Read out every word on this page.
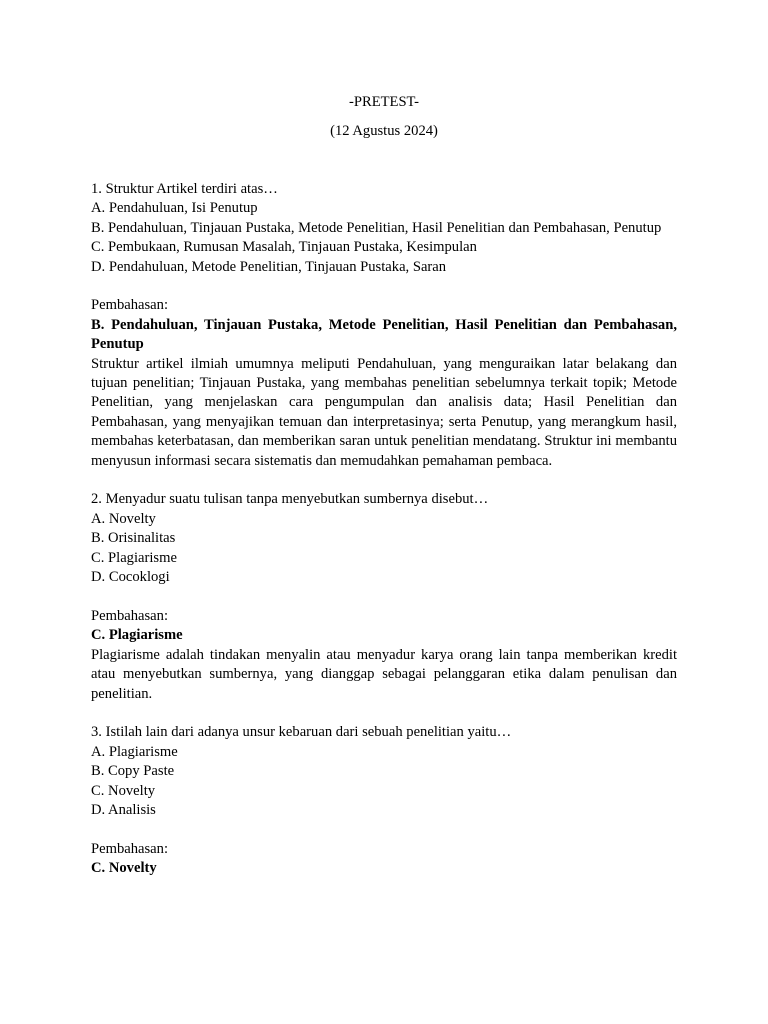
-PRETEST-
(12 Agustus 2024)
1. Struktur Artikel terdiri atas…
A. Pendahuluan, Isi Penutup

B. Pendahuluan, Tinjauan Pustaka, Metode Penelitian, Hasil Penelitian dan Pembahasan, Penutup

C. Pembukaan, Rumusan Masalah, Tinjauan Pustaka, Kesimpulan
D. Pendahuluan, Metode Penelitian, Tinjauan Pustaka, Saran
Pembahasan:

B. Pendahuluan, Tinjauan Pustaka, Metode Penelitian, Hasil Penelitian dan Pembahasan, Penutup

Struktur artikel ilmiah umumnya meliputi Pendahuluan, yang menguraikan latar belakang dan tujuan penelitian; Tinjauan Pustaka, yang membahas penelitian sebelumnya terkait topik; Metode Penelitian, yang menjelaskan cara pengumpulan dan analisis data; Hasil Penelitian dan Pembahasan, yang menyajikan temuan dan interpretasinya; serta Penutup, yang merangkum hasil, membahas keterbatasan, dan memberikan saran untuk penelitian mendatang. Struktur ini membantu menyusun informasi secara sistematis dan memudahkan pemahaman pembaca.

2. Menyadur suatu tulisan tanpa menyebutkan sumbernya disebut…
A. Novelty
B. Orisinalitas
C. Plagiarisme
D. Cocoklogi
Pembahasan:
C. Plagiarisme

Plagiarisme adalah tindakan menyalin atau menyadur karya orang lain tanpa memberikan kredit atau menyebutkan sumbernya, yang dianggap sebagai pelanggaran etika dalam penulisan dan penelitian.

3. Istilah lain dari adanya unsur kebaruan dari sebuah penelitian yaitu…
A. Plagiarisme
B. Copy Paste
C. Novelty
D. Analisis
Pembahasan:
C. Novelty
